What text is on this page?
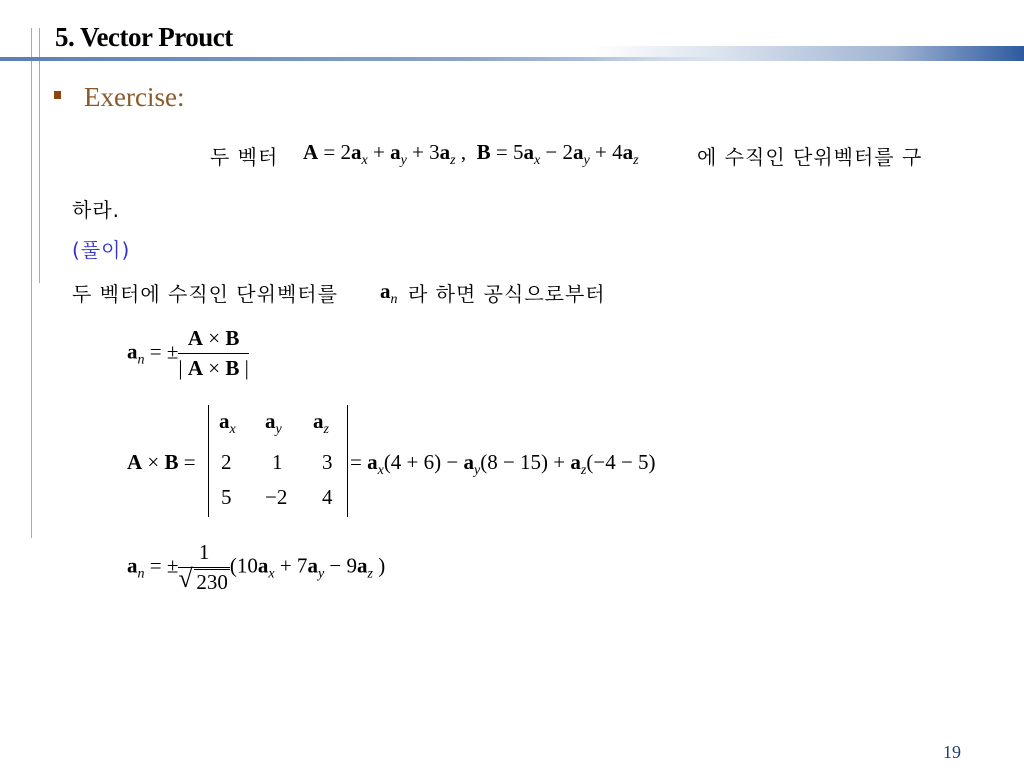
5. Vector Prouct
Exercise:
두 벡터 $A = 2a_x + a_y + 3a_z$ ,  $B = 5a_x - 2a_y + 4a_z$	에 수직인 단위벡터를 구
하라.
(풀이)
두 벡터에 수직인 단위벡터를 $a_n$ 라 하면 공식으로부터
$a_n$ = ± $\frac{A \times B}{| A \times B |}$
A × B =
$a_x$ $a_y$ $a_z$
2 1 3
5 −2 4
= $a_x(4 + 6) - a_y(8 - 15) + a_z(-4 - 5)$
$a_n$ = ± $\frac{1}{√ 230} (10a_x + 7a_y - 9a_z$ )
19
